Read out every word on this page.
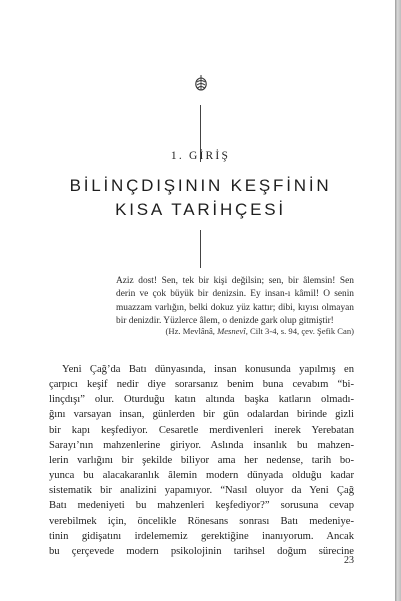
1. GİRİŞ
BİLİNÇDIŞININ KEŞFİNİN
KISA TARİHÇESİ
Aziz dost! Sen, tek bir kişi değilsin; sen, bir âlemsin! Sen
derin ve çok büyük bir denizsin. Ey insan-ı kâmil! O senin
muazzam varlığın, belki dokuz yüz kattır; dibi, kıyısı olmayan
bir denizdir. Yüzlerce âlem, o denizde gark olup gitmiştir!
(Hz. Mevlânâ, Mesnevî, Cilt 3-4, s. 94, çev. Şefik Can)
Yeni Çağ’da Batı dünyasında, insan konusunda yapılmış en
çarpıcı keşif nedir diye sorarsanız benim buna cevabım “bi-
linçdışı” olur. Oturduğu katın altında başka katların olmadı-
ğını varsayan insan, günlerden bir gün odalardan birinde gizli
bir kapı keşfediyor. Cesaretle merdivenleri inerek Yerebatan
Sarayı’nın mahzenlerine giriyor. Aslında insanlık bu mahzen-
lerin varlığını bir şekilde biliyor ama her nedense, tarih bo-
yunca bu alacakaranlık âlemin modern dünyada olduğu kadar
sistematik bir analizini yapamıyor. “Nasıl oluyor da Yeni Çağ
Batı medeniyeti bu mahzenleri keşfediyor?” sorusuna cevap
verebilmek için, öncelikle Rönesans sonrası Batı medeniye-
tinin gidişatını irdelememiz gerektiğine inanıyorum. Ancak
bu çerçevede modern psikolojinin tarihsel doğum sürecine
23
